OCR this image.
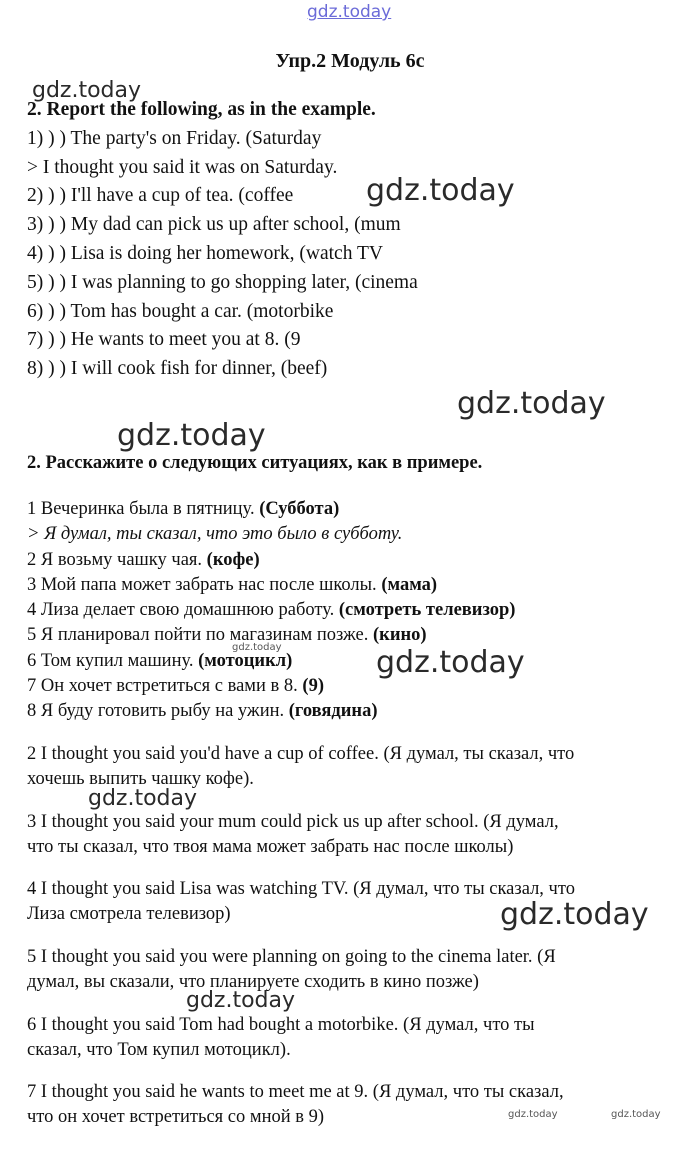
gdz.today
gdz.today
gdz.today
gdz.today
gdz.today
gdz.today	gdz.today
gdz.today
gdz.today
gdz.today
gdz.today	gdz.today
Упр.2 Модуль 6с
2. Report the following, as in the example.
1) ) ) The party's on Friday. (Saturday
> I thought you said it was on Saturday.
2) ) ) I'll have a cup of tea. (coffee
3) ) ) My dad can pick us up after school, (mum
4) ) ) Lisa is doing her homework, (watch TV
5) ) ) I was planning to go shopping later, (cinema
6) ) ) Tom has bought a car. (motorbike
7) ) ) He wants to meet you at 8. (9
8) ) ) I will cook fish for dinner, (beef)
2. Расскажите о следующих ситуациях, как в примере.
1 Вечеринка была в пятницу. (Суббота)
> Я думал, ты сказал, что это было в субботу.
2 Я возьму чашку чая. (кофе)
3 Мой папа может забрать нас после школы. (мама)
4 Лиза делает свою домашнюю работу. (смотреть телевизор)
5 Я планировал пойти по магазинам позже. (кино)
6 Том купил машину. (мотоцикл)
7 Он хочет встретиться с вами в 8. (9)
8 Я буду готовить рыбу на ужин. (говядина)
2 I thought you said you'd have a cup of coffee. (Я думал, ты сказал, что
хочешь выпить чашку кофе).
3 I thought you said your mum could pick us up after school. (Я думал,
что ты сказал, что твоя мама может забрать нас после школы)
4 I thought you said Lisa was watching TV. (Я думал, что ты сказал, что
Лиза смотрела телевизор)
5 I thought you said you were planning on going to the cinema later. (Я
думал, вы сказали, что планируете сходить в кино позже)
6 I thought you said Tom had bought a motorbike. (Я думал, что ты
сказал, что Том купил мотоцикл).
7 I thought you said he wants to meet me at 9. (Я думал, что ты сказал,
что он хочет встретиться со мной в 9)
